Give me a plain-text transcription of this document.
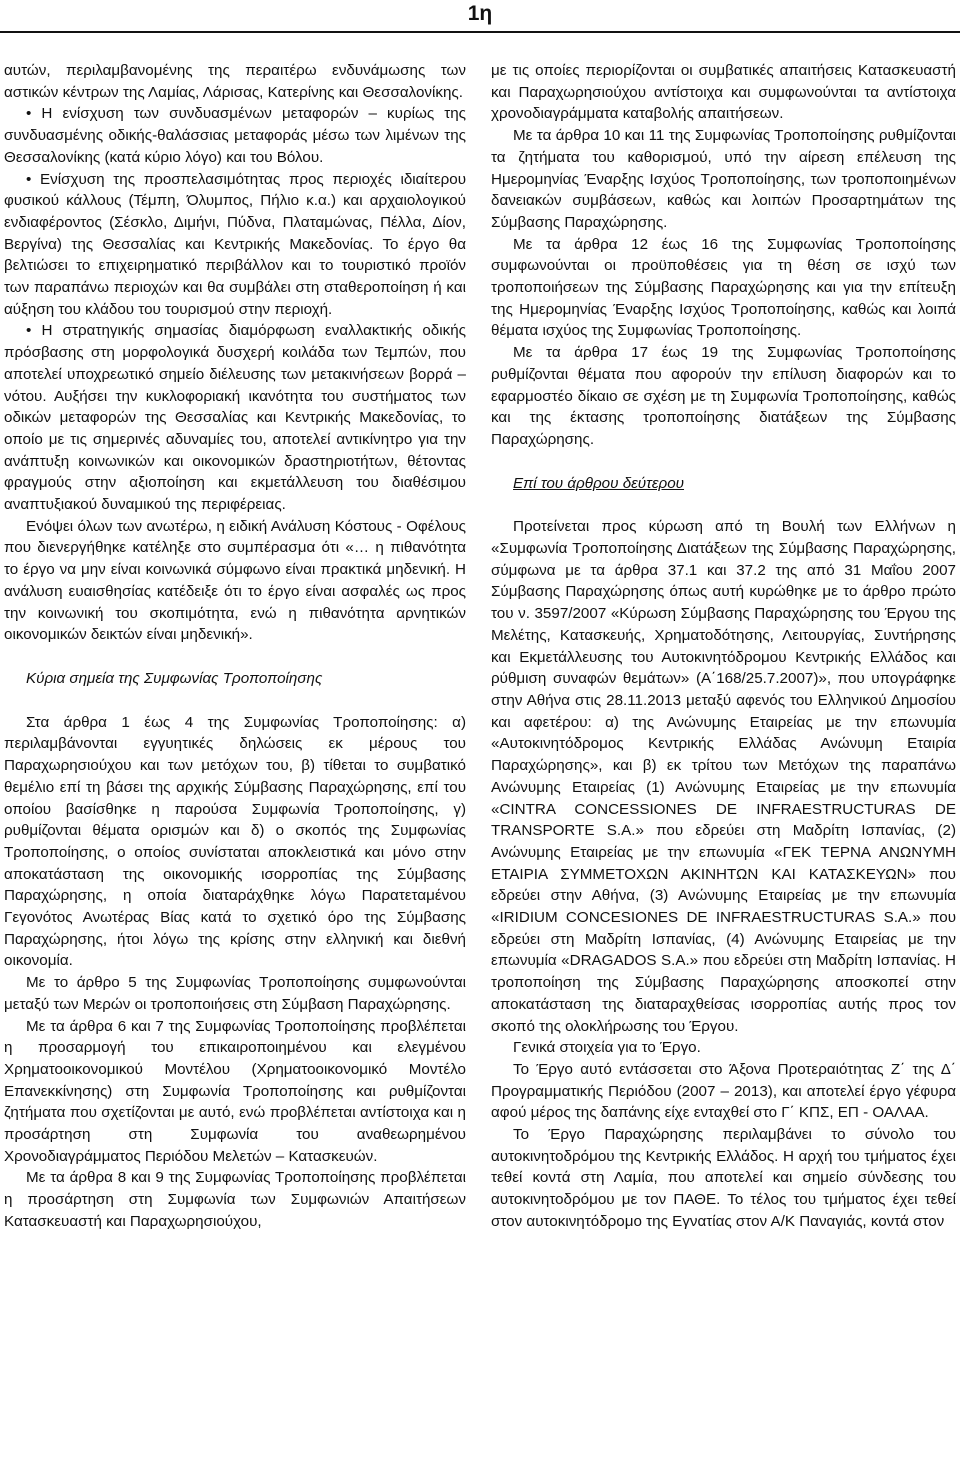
1η

αυτών, περιλαμβανομένης της περαιτέρω ενδυνάμωσης των αστικών κέντρων της Λαμίας, Λάρισας, Κατερίνης και Θεσσαλονίκης.

• Η ενίσχυση των συνδυασμένων μεταφορών – κυρίως της συνδυασμένης οδικής-θαλάσσιας μεταφοράς μέσω των λιμένων της Θεσσαλονίκης (κατά κύριο λόγο) και του Βόλου.

• Ενίσχυση της προσπελασιμότητας προς περιοχές ιδιαίτερου φυσικού κάλλους (Τέμπη, Όλυμπος, Πήλιο κ.α.) και αρχαιολογικού ενδιαφέροντος (Σέσκλο, Διμήνι, Πύδνα, Πλαταμώνας, Πέλλα, Δίον, Βεργίνα) της Θεσσαλίας και Κεντρικής Μακεδονίας. Το έργο θα βελτιώσει το επιχειρηματικό περιβάλλον και το τουριστικό προϊόν των παραπάνω περιοχών και θα συμβάλει στη σταθεροποίηση ή και αύξηση του κλάδου του τουρισμού στην περιοχή.

• Η στρατηγικής σημασίας διαμόρφωση εναλλακτικής οδικής πρόσβασης στη μορφολογικά δυσχερή κοιλάδα των Τεμπών, που αποτελεί υποχρεωτικό σημείο διέλευσης των μετακινήσεων βορρά – νότου. Αυξήσει την κυκλοφοριακή ικανότητα του συστήματος των οδικών μεταφορών της Θεσσαλίας και Κεντρικής Μακεδονίας, το οποίο με τις σημερινές αδυναμίες του, αποτελεί αντικίνητρο για την ανάπτυξη κοινωνικών και οικονομικών δραστηριοτήτων, θέτοντας φραγμούς στην αξιοποίηση και εκμετάλλευση του διαθέσιμου αναπτυξιακού δυναμικού της περιφέρειας.

Ενόψει όλων των ανωτέρω, η ειδική Ανάλυση Κόστους - Οφέλους που διενεργήθηκε κατέληξε στο συμπέρασμα ότι «… η πιθανότητα το έργο να μην είναι κοινωνικά σύμφωνο είναι πρακτικά μηδενική. Η ανάλυση ευαισθησίας κατέδειξε ότι το έργο είναι ασφαλές ως προς την κοινωνική του σκοπιμότητα, ενώ η πιθανότητα αρνητικών οικονομικών δεικτών είναι μηδενική».

Κύρια σημεία της Συμφωνίας Τροποποίησης

Στα άρθρα 1 έως 4 της Συμφωνίας Τροποποίησης: α) περιλαμβάνονται εγγυητικές δηλώσεις εκ μέρους του Παραχωρησιούχου και των μετόχων του, β) τίθεται το συμβατικό θεμέλιο επί τη βάσει της αρχικής Σύμβασης Παραχώρησης, επί του οποίου βασίσθηκε η παρούσα Συμφωνία Τροποποίησης, γ) ρυθμίζονται θέματα ορισμών και δ) ο σκοπός της Συμφωνίας Τροποποίησης, ο οποίος συνίσταται αποκλειστικά και μόνο στην αποκατάσταση της οικονομικής ισορροπίας της Σύμβασης Παραχώρησης, η οποία διαταράχθηκε λόγω Παρατεταμένου Γεγονότος Ανωτέρας Βίας κατά το σχετικό όρο της Σύμβασης Παραχώρησης, ήτοι λόγω της κρίσης στην ελληνική και διεθνή οικονομία.

Με το άρθρο 5 της Συμφωνίας Τροποποίησης συμφωνούνται μεταξύ των Μερών οι τροποποιήσεις στη Σύμβαση Παραχώρησης.

Με τα άρθρα 6 και 7 της Συμφωνίας Τροποποίησης προβλέπεται η προσαρμογή του επικαιροποιημένου και ελεγμένου Χρηματοοικονομικού Μοντέλου (Χρηματοοικονομικό Μοντέλο Επανεκκίνησης) στη Συμφωνία Τροποποίησης και ρυθμίζονται ζητήματα που σχετίζονται με αυτό, ενώ προβλέπεται αντίστοιχα και η προσάρτηση στη Συμφωνία του αναθεωρημένου Χρονοδιαγράμματος Περιόδου Μελετών – Κατασκευών.

Με τα άρθρα 8 και 9 της Συμφωνίας Τροποποίησης προβλέπεται η προσάρτηση στη Συμφωνία των Συμφωνιών Απαιτήσεων Κατασκευαστή και Παραχωρησιούχου,

με τις οποίες περιορίζονται οι συμβατικές απαιτήσεις Κατασκευαστή και Παραχωρησιούχου αντίστοιχα και συμφωνούνται τα αντίστοιχα χρονοδιαγράμματα καταβολής απαιτήσεων.

Με τα άρθρα 10 και 11 της Συμφωνίας Τροποποίησης ρυθμίζονται τα ζητήματα του καθορισμού, υπό την αίρεση επέλευση της Ημερομηνίας Έναρξης Ισχύος Τροποποίησης, των τροποποιημένων δανειακών συμβάσεων, καθώς και λοιπών Προσαρτημάτων της Σύμβασης Παραχώρησης.

Με τα άρθρα 12 έως 16 της Συμφωνίας Τροποποίησης συμφωνούνται οι προϋποθέσεις για τη θέση σε ισχύ των τροποποιήσεων της Σύμβασης Παραχώρησης και για την επίτευξη της Ημερομηνίας Έναρξης Ισχύος Τροποποίησης, καθώς και λοιπά θέματα ισχύος της Συμφωνίας Τροποποίησης.

Με τα άρθρα 17 έως 19 της Συμφωνίας Τροποποίησης ρυθμίζονται θέματα που αφορούν την επίλυση διαφορών και το εφαρμοστέο δίκαιο σε σχέση με τη Συμφωνία Τροποποίησης, καθώς και της έκτασης τροποποίησης διατάξεων της Σύμβασης Παραχώρησης.

Επί του άρθρου δεύτερου

Προτείνεται προς κύρωση από τη Βουλή των Ελλήνων η «Συμφωνία Τροποποίησης Διατάξεων της Σύμβασης Παραχώρησης, σύμφωνα με τα άρθρα 37.1 και 37.2 της από 31 Μαΐου 2007 Σύμβασης Παραχώρησης όπως αυτή κυρώθηκε με το άρθρο πρώτο του ν. 3597/2007 «Κύρωση Σύμβασης Παραχώρησης του Έργου της Μελέτης, Κατασκευής, Χρηματοδότησης, Λειτουργίας, Συντήρησης και Εκμετάλλευσης του Αυτοκινητόδρομου Κεντρικής Ελλάδος και ρύθμιση συναφών θεμάτων» (Α΄168/25.7.2007)», που υπογράφηκε στην Αθήνα στις 28.11.2013 μεταξύ αφενός του Ελληνικού Δημοσίου και αφετέρου: α) της Ανώνυμης Εταιρείας με την επωνυμία «Αυτοκινητόδρομος Κεντρικής Ελλάδας Ανώνυμη Εταιρία Παραχώρησης», και β) εκ τρίτου των Μετόχων της παραπάνω Ανώνυμης Εταιρείας (1) Ανώνυμης Εταιρείας με την επωνυμία «CINTRA CONCESSIONES DE INFRAESTRUCTURAS DE TRANSPORTE S.A.» που εδρεύει στη Μαδρίτη Ισπανίας, (2) Ανώνυμης Εταιρείας με την επωνυμία «ΓΕΚ ΤΕΡΝΑ ΑΝΩΝΥΜΗ ΕΤΑΙΡΙΑ ΣΥΜΜΕΤΟΧΩΝ ΑΚΙΝΗΤΩΝ ΚΑΙ ΚΑΤΑΣΚΕΥΩΝ» που εδρεύει στην Αθήνα, (3) Ανώνυμης Εταιρείας με την επωνυμία «IRIDIUM CONCESIONES DE INFRAESTRUCTURAS S.A.» που εδρεύει στη Μαδρίτη Ισπανίας, (4) Ανώνυμης Εταιρείας με την επωνυμία «DRAGADOS S.A.» που εδρεύει στη Μαδρίτη Ισπανίας. Η τροποποίηση της Σύμβασης Παραχώρησης αποσκοπεί στην αποκατάσταση της διαταραχθείσας ισορροπίας αυτής προς τον σκοπό της ολοκλήρωσης του Έργου.

Γενικά στοιχεία για το Έργο.

Το Έργο αυτό εντάσσεται στο Άξονα Προτεραιότητας Ζ΄ της Δ΄ Προγραμματικής Περιόδου (2007 – 2013), και αποτελεί έργο γέφυρα αφού μέρος της δαπάνης είχε ενταχθεί στο Γ΄ ΚΠΣ, ΕΠ - ΟΑΛΑΑ.

Το Έργο Παραχώρησης περιλαμβάνει το σύνολο του αυτοκινητοδρόμου της Κεντρικής Ελλάδος. Η αρχή του τμήματος έχει τεθεί κοντά στη Λαμία, που αποτελεί και σημείο σύνδεσης του αυτοκινητοδρόμου με τον ΠΑΘΕ. Το τέλος του τμήματος έχει τεθεί στον αυτοκινητόδρομο της Εγνατίας στον Α/Κ Παναγιάς, κοντά στον
